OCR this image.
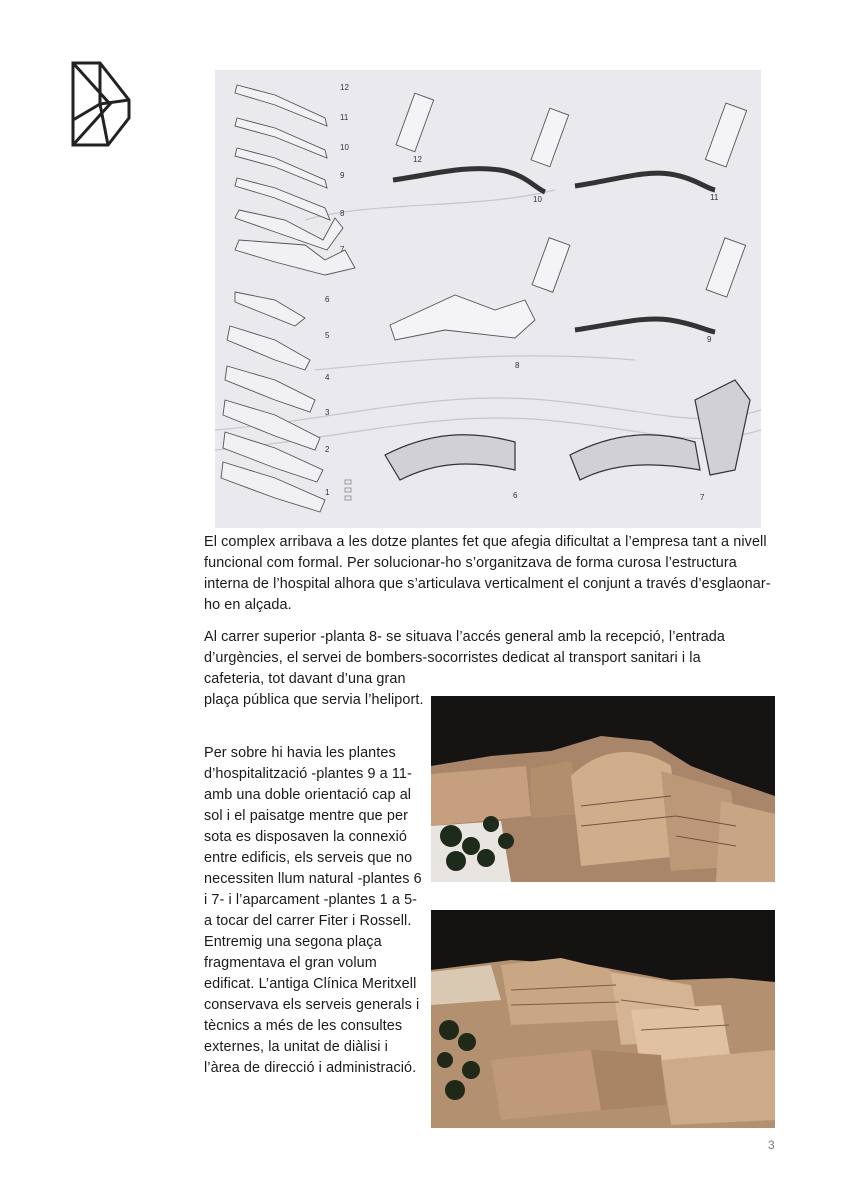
12
11
10
9
8
7
6
5
4
3
2
1
12
10	11
8
9
6	7

El complex arribava a les dotze plantes fet que afegia dificultat a l’empresa tant a nivell funcional com formal. Per solucionar-ho s’organitzava de forma curosa l’estructura interna de l’hospital alhora que s’articulava verticalment el conjunt a través d’esglaonar-ho en alçada.

Al carrer superior -planta 8- se situava l’accés general amb la recepció, l’entrada d’urgències, el servei de bombers-socorristes dedicat al transport sanitari i la

cafeteria, tot davant d’una gran plaça pública que servia l’heliport.

Per sobre hi havia les plantes d’hospitalització -plantes 9 a 11- amb una doble orientació cap al sol i el paisatge mentre que per sota es disposaven la connexió entre edificis, els serveis que no necessiten llum natural -plantes 6 i 7- i l’aparcament -plantes 1 a 5- a tocar del carrer Fiter i Rossell. Entremig una segona plaça fragmentava el gran volum edificat. L’antiga Clínica Meritxell conservava els serveis generals i tècnics a més de les consultes externes, la unitat de diàlisi i l’àrea de direcció i administració.

3
